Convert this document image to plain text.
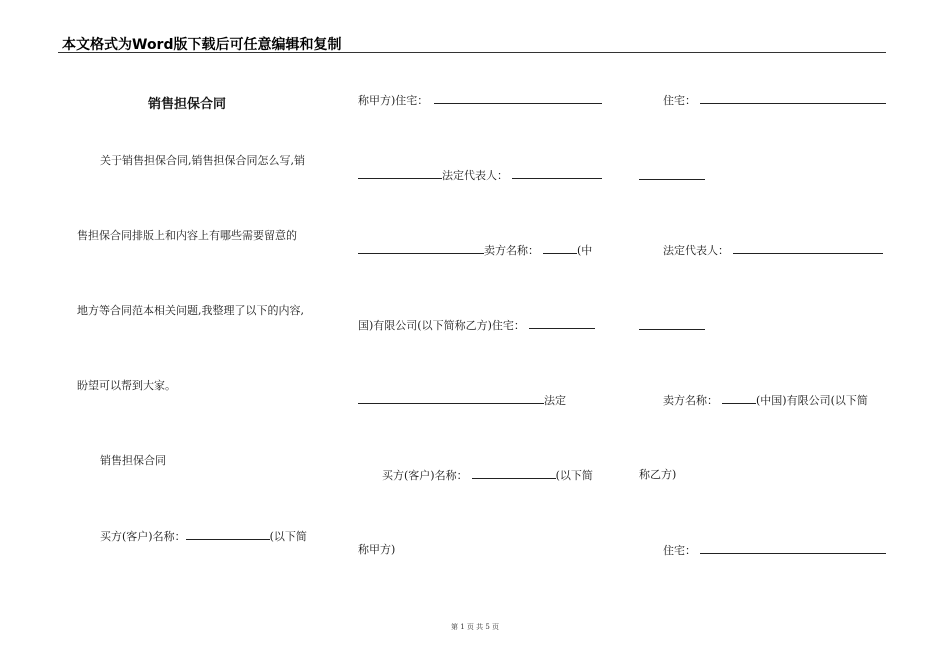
本文格式为Word版下载后可任意编辑和复制
销售担保合同
关于销售担保合同,销售担保合同怎么写,销
售担保合同排版上和内容上有哪些需要留意的
地方等合同范本相关问题,我整理了以下的内容,
盼望可以帮到大家。
销售担保合同
买方(客户)名称：	(以下简
称甲方)住宅：
法定代表人：
卖方名称：	(中
国)有限公司(以下简称乙方)住宅：
法定
买方(客户)名称：	(以下简
称甲方)
住宅：
法定代表人：
卖方名称：	(中国)有限公司(以下简
称乙方)
住宅：
第 1 页 共 5 页
